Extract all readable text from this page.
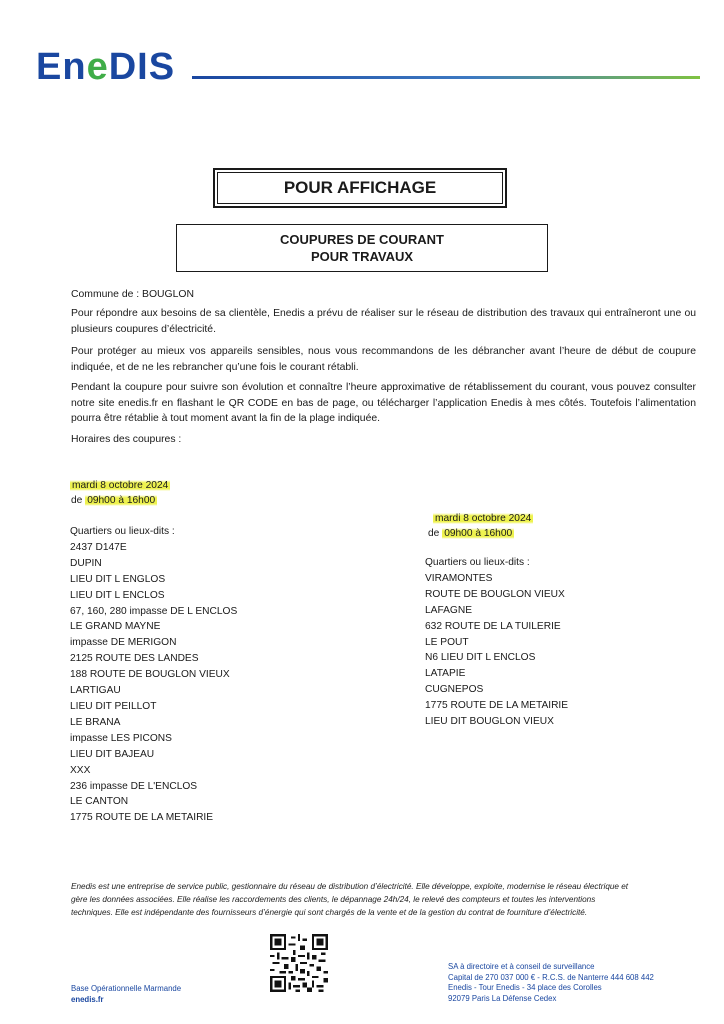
EneDIS
POUR AFFICHAGE
COUPURES DE COURANT
POUR TRAVAUX
Commune de : BOUGLON
Pour répondre aux besoins de sa clientèle, Enedis a prévu de réaliser sur le réseau de distribution des travaux qui entraîneront une ou plusieurs coupures d’électricité.
Pour protéger au mieux vos appareils sensibles, nous vous recommandons de les débrancher avant l’heure de début de coupure indiquée, et de ne les rebrancher qu’une fois le courant rétabli.
Pendant la coupure pour suivre son évolution et connaître l’heure approximative de rétablissement du courant, vous pouvez consulter notre site enedis.fr en flashant le QR CODE en bas de page, ou télécharger l’application Enedis à mes côtés. Toutefois l’alimentation pourra être rétablie à tout moment avant la fin de la plage indiquée.
Horaires des coupures :
mardi 8 octobre 2024
de 09h00 à 16h00
Quartiers ou lieux-dits :
2437 D147E
DUPIN
LIEU DIT L ENGLOS
LIEU DIT L ENCLOS
67, 160, 280 impasse DE L ENCLOS
LE GRAND MAYNE
impasse DE MERIGON
2125 ROUTE DES LANDES
188 ROUTE DE BOUGLON VIEUX
LARTIGAU
LIEU DIT PEILLOT
LE BRANA
impasse LES PICONS
LIEU DIT BAJEAU
XXX
236 impasse DE L'ENCLOS
LE CANTON
1775 ROUTE DE LA METAIRIE
mardi 8 octobre 2024
de 09h00 à 16h00
Quartiers ou lieux-dits :
VIRAMONTES
ROUTE DE BOUGLON VIEUX
LAFAGNE
632 ROUTE DE LA TUILERIE
LE POUT
N6 LIEU DIT L ENCLOS
LATAPIE
CUGNEPOS
1775 ROUTE DE LA METAIRIE
LIEU DIT BOUGLON VIEUX
Enedis est une entreprise de service public, gestionnaire du réseau de distribution d’électricité. Elle développe, exploite, modernise le réseau électrique et gère les données associées. Elle réalise les raccordements des clients, le dépannage 24h/24, le relevé des compteurs et toutes les interventions techniques. Elle est indépendante des fournisseurs d’énergie qui sont chargés de la vente et de la gestion du contrat de fourniture d’électricité.
Base Opérationnelle Marmande
enedis.fr
SA à directoire et à conseil de surveillance
Capital de 270 037 000 € - R.C.S. de Nanterre 444 608 442
Enedis - Tour Enedis - 34 place des Corolles
92079 Paris La Défense Cedex
